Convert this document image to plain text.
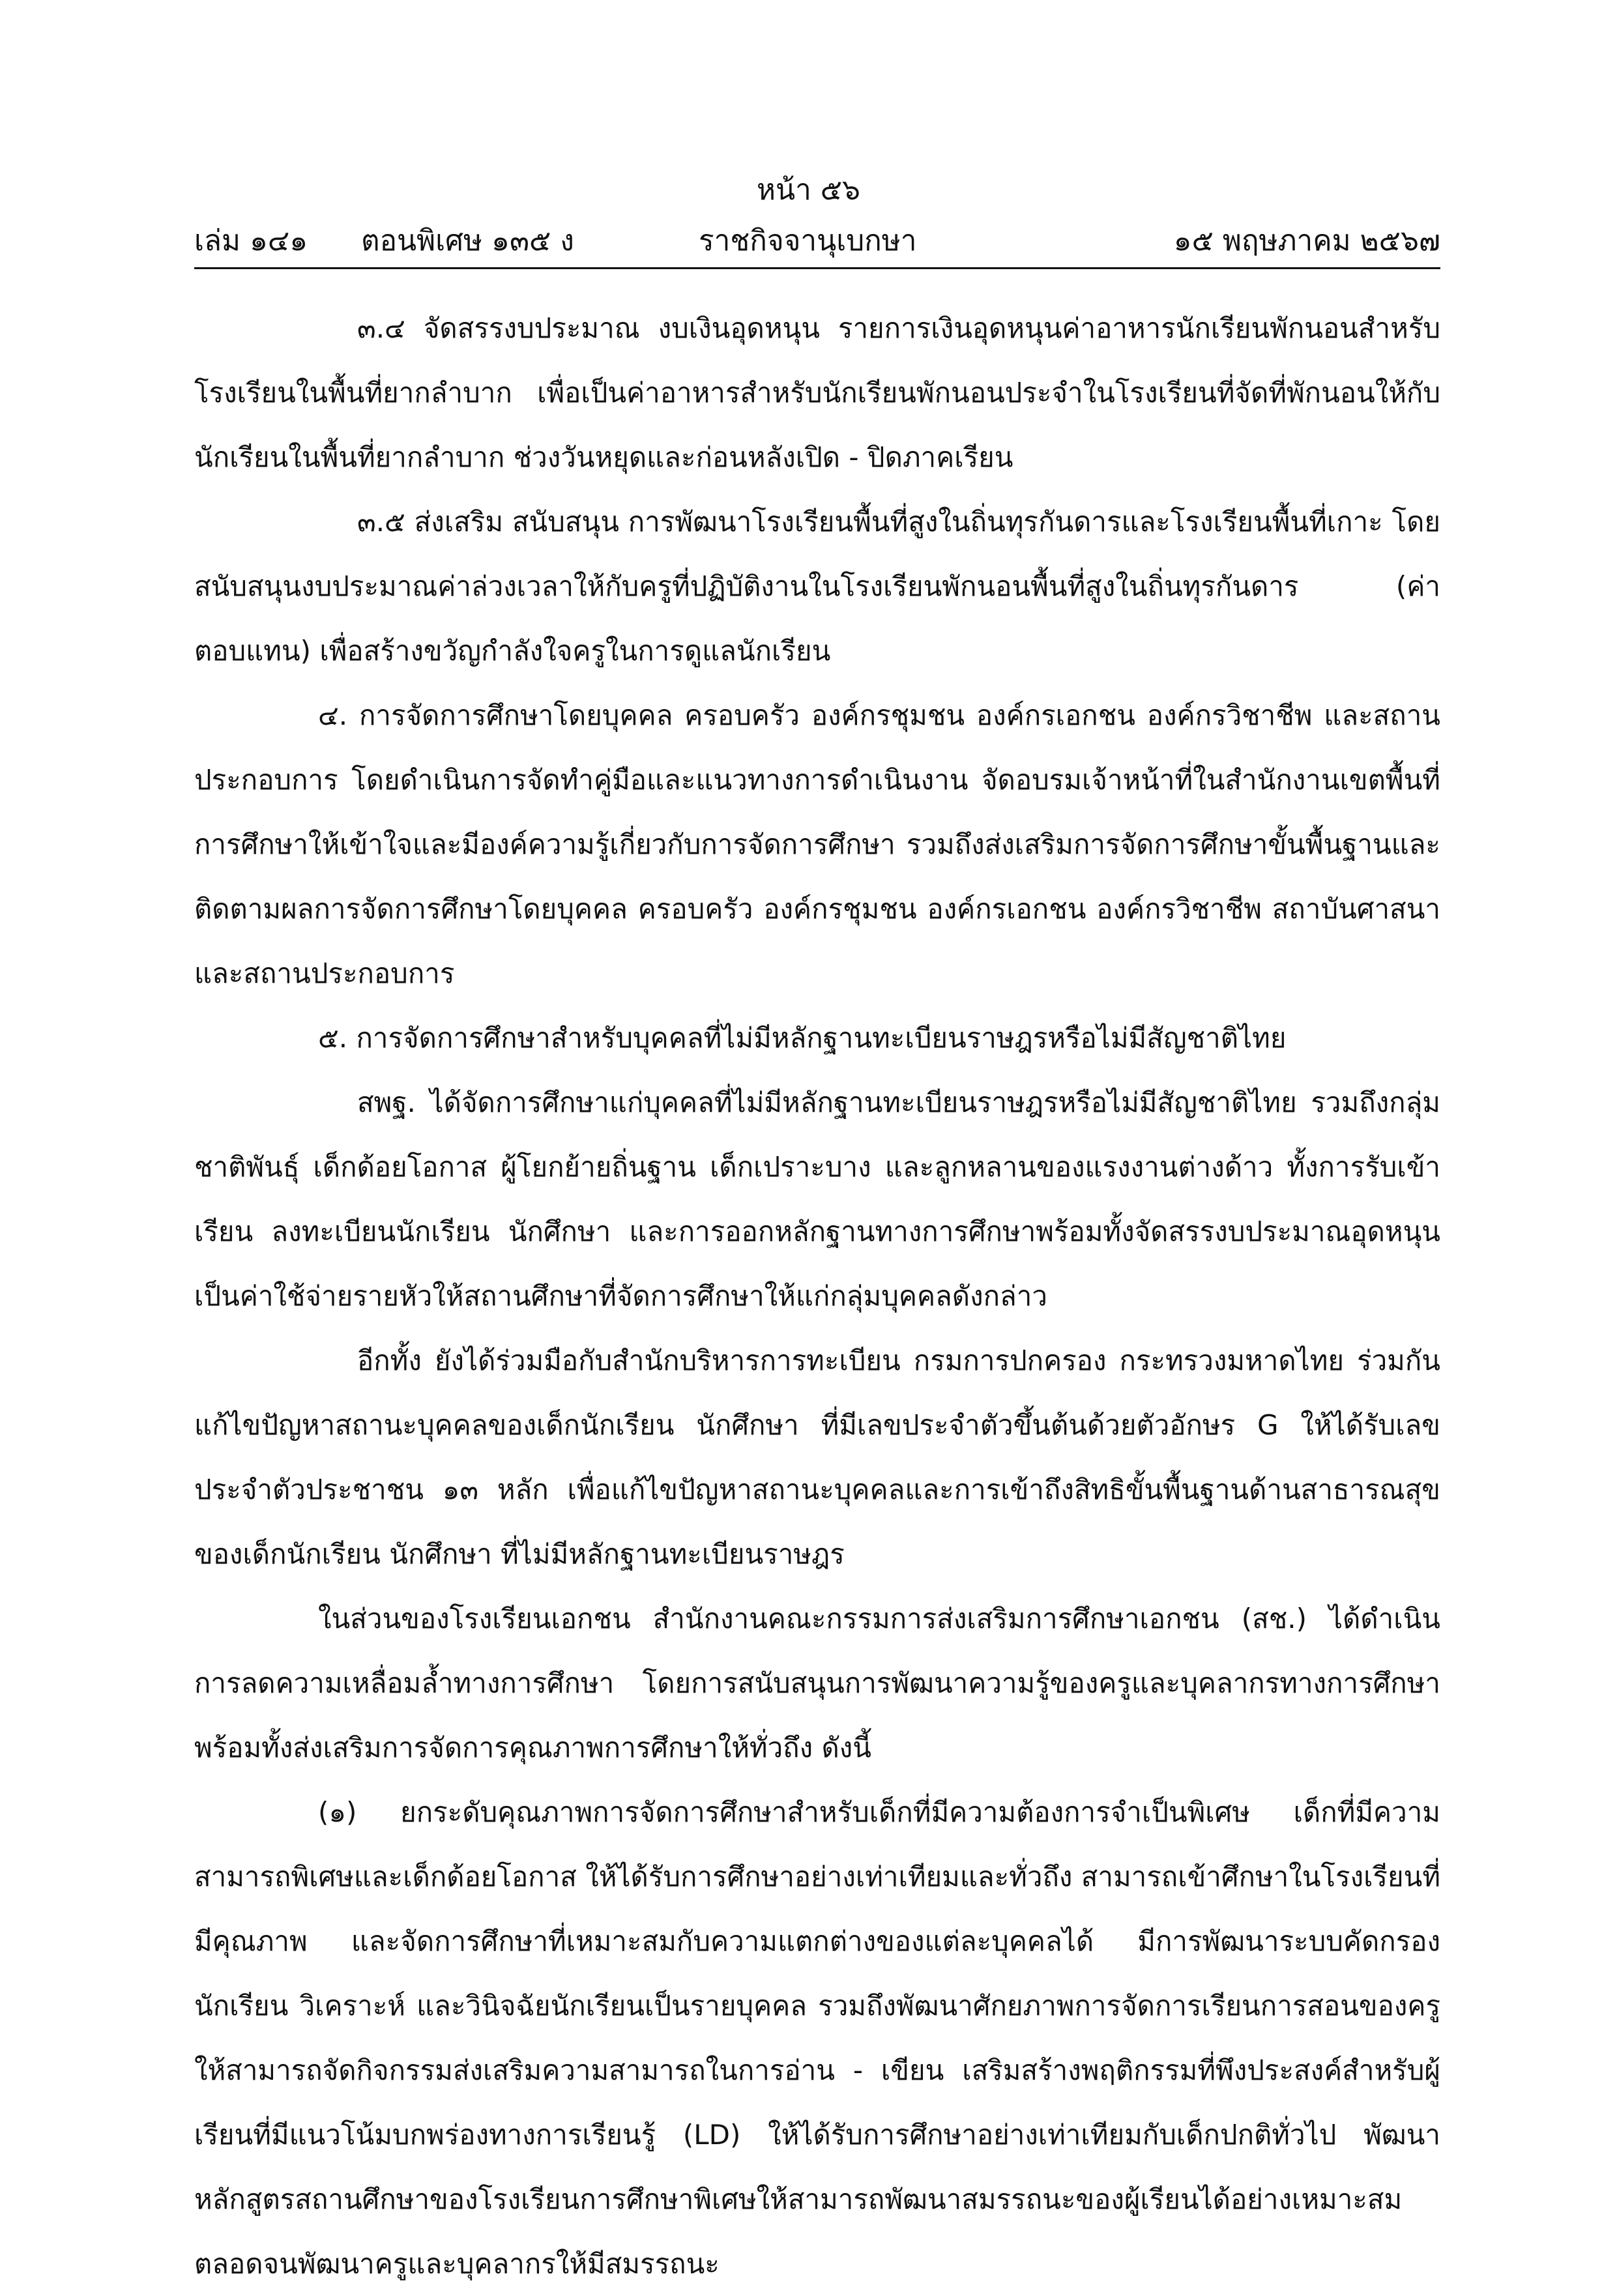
หน้า ๕๖
เล่ม ๑๔๑ ตอนพิเศษ ๑๓๕ ง	ราชกิจจานุเบกษา	๑๕ พฤษภาคม ๒๕๖๗

๓.๔ จัดสรรงบประมาณ งบเงินอุดหนุน รายการเงินอุดหนุนค่าอาหารนักเรียนพักนอนสำหรับโรงเรียนในพื้นที่ยากลำบาก เพื่อเป็นค่าอาหารสำหรับนักเรียนพักนอนประจำในโรงเรียนที่จัดที่พักนอนให้กับนักเรียนในพื้นที่ยากลำบาก ช่วงวันหยุดและก่อนหลังเปิด - ปิดภาคเรียน

๓.๕ ส่งเสริม สนับสนุน การพัฒนาโรงเรียนพื้นที่สูงในถิ่นทุรกันดารและโรงเรียนพื้นที่เกาะ โดยสนับสนุนงบประมาณค่าล่วงเวลาให้กับครูที่ปฏิบัติงานในโรงเรียนพักนอนพื้นที่สูงในถิ่นทุรกันดาร (ค่าตอบแทน) เพื่อสร้างขวัญกำลังใจครูในการดูแลนักเรียน

๔. การจัดการศึกษาโดยบุคคล ครอบครัว องค์กรชุมชน องค์กรเอกชน องค์กรวิชาชีพ และสถานประกอบการ โดยดำเนินการจัดทำคู่มือและแนวทางการดำเนินงาน จัดอบรมเจ้าหน้าที่ในสำนักงานเขตพื้นที่การศึกษาให้เข้าใจและมีองค์ความรู้เกี่ยวกับการจัดการศึกษา รวมถึงส่งเสริมการจัดการศึกษาขั้นพื้นฐานและติดตามผลการจัดการศึกษาโดยบุคคล ครอบครัว องค์กรชุมชน องค์กรเอกชน องค์กรวิชาชีพ สถาบันศาสนา และสถานประกอบการ

๕. การจัดการศึกษาสำหรับบุคคลที่ไม่มีหลักฐานทะเบียนราษฎรหรือไม่มีสัญชาติไทย

สพฐ. ได้จัดการศึกษาแก่บุคคลที่ไม่มีหลักฐานทะเบียนราษฎรหรือไม่มีสัญชาติไทย รวมถึงกลุ่มชาติพันธุ์ เด็กด้อยโอกาส ผู้โยกย้ายถิ่นฐาน เด็กเปราะบาง และลูกหลานของแรงงานต่างด้าว ทั้งการรับเข้าเรียน ลงทะเบียนนักเรียน นักศึกษา และการออกหลักฐานทางการศึกษาพร้อมทั้งจัดสรรงบประมาณอุดหนุนเป็นค่าใช้จ่ายรายหัวให้สถานศึกษาที่จัดการศึกษาให้แก่กลุ่มบุคคลดังกล่าว

อีกทั้ง ยังได้ร่วมมือกับสำนักบริหารการทะเบียน กรมการปกครอง กระทรวงมหาดไทย ร่วมกันแก้ไขปัญหาสถานะบุคคลของเด็กนักเรียน นักศึกษา ที่มีเลขประจำตัวขึ้นต้นด้วยตัวอักษร G ให้ได้รับเลขประจำตัวประชาชน ๑๓ หลัก เพื่อแก้ไขปัญหาสถานะบุคคลและการเข้าถึงสิทธิขั้นพื้นฐานด้านสาธารณสุข ของเด็กนักเรียน นักศึกษา ที่ไม่มีหลักฐานทะเบียนราษฎร

ในส่วนของโรงเรียนเอกชน สำนักงานคณะกรรมการส่งเสริมการศึกษาเอกชน (สช.) ได้ดำเนินการลดความเหลื่อมล้ำทางการศึกษา โดยการสนับสนุนการพัฒนาความรู้ของครูและบุคลากรทางการศึกษา พร้อมทั้งส่งเสริมการจัดการคุณภาพการศึกษาให้ทั่วถึง ดังนี้

(๑) ยกระดับคุณภาพการจัดการศึกษาสำหรับเด็กที่มีความต้องการจำเป็นพิเศษ เด็กที่มีความสามารถพิเศษและเด็กด้อยโอกาส ให้ได้รับการศึกษาอย่างเท่าเทียมและทั่วถึง สามารถเข้าศึกษาในโรงเรียนที่มีคุณภาพ และจัดการศึกษาที่เหมาะสมกับความแตกต่างของแต่ละบุคคลได้ มีการพัฒนาระบบคัดกรองนักเรียน วิเคราะห์ และวินิจฉัยนักเรียนเป็นรายบุคคล รวมถึงพัฒนาศักยภาพการจัดการเรียนการสอนของครูให้สามารถจัดกิจกรรมส่งเสริมความสามารถในการอ่าน - เขียน เสริมสร้างพฤติกรรมที่พึงประสงค์สำหรับผู้เรียนที่มีแนวโน้มบกพร่องทางการเรียนรู้ (LD) ให้ได้รับการศึกษาอย่างเท่าเทียมกับเด็กปกติทั่วไป พัฒนาหลักสูตรสถานศึกษาของโรงเรียนการศึกษาพิเศษให้สามารถพัฒนาสมรรถนะของผู้เรียนได้อย่างเหมาะสม ตลอดจนพัฒนาครูและบุคลากรให้มีสมรรถนะ
